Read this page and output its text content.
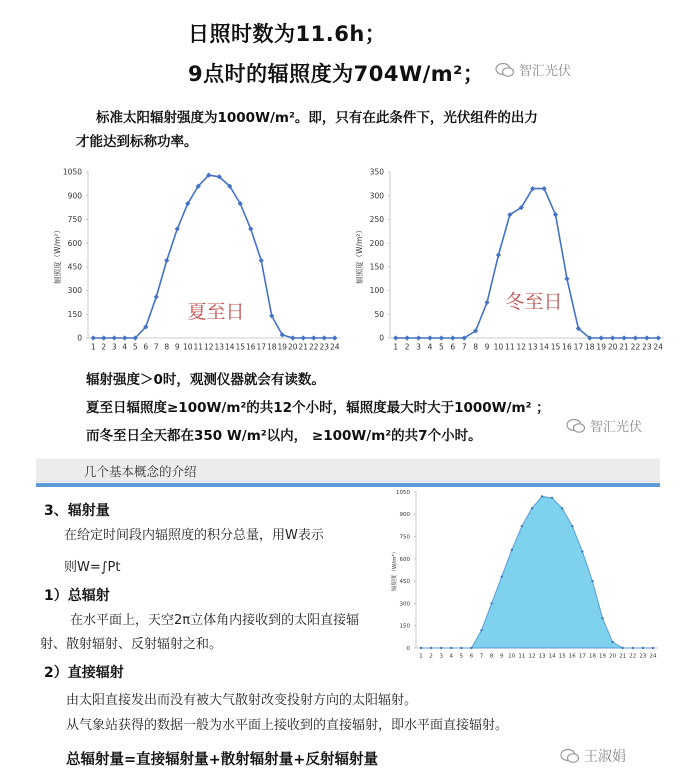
日照时数为11.6h；
9点时的辐照度为704W/m²；	智汇光伏
标准太阳辐射强度为1000W/m²。即，只有在此条件下，光伏组件的出力
才能达到标称功率。
0
150
300
450
600
750
900
1050
1 2 3 4 5 6 7 8 9 10 11 12 13 14 15 16 17 18 19 20 21 22 23 24
辐照度（W/m²）
夏至日
0
50
100
150
200
250
300
350
1 2 3 4 5 6 7 8 9 10 11 12 13 14 15 16 17 18 19 20 21 22 23 24
辐照度（W/m²）
冬至日
辐射强度＞0时，观测仪器就会有读数。
夏至日辐照度≥100W/m²的共12个小时，辐照度最大时大于1000W/m² ；
而冬至日全天都在350 W/m²以内， ≥100W/m²的共7个小时。
智汇光伏
几个基本概念的介绍
3、辐射量
在给定时间段内辐照度的积分总量，用W表示
则W=∫Pt
1）总辐射
在水平面上，天空2π立体角内接收到的太阳直接辐
射、散射辐射、反射辐射之和。
2）直接辐射
由太阳直接发出而没有被大气散射改变投射方向的太阳辐射。
从气象站获得的数据一般为水平面上接收到的直接辐射，即水平面直接辐射。
总辐射量=直接辐射量+散射辐射量+反射辐射量
0
150
300
450
600
750
900
1050
1 2 3 4 5 6 7 8 9 10 11 12 13 14 15 16 17 18 19 20 21 22 23 24
辐照度（W/m²）
王淑娟
